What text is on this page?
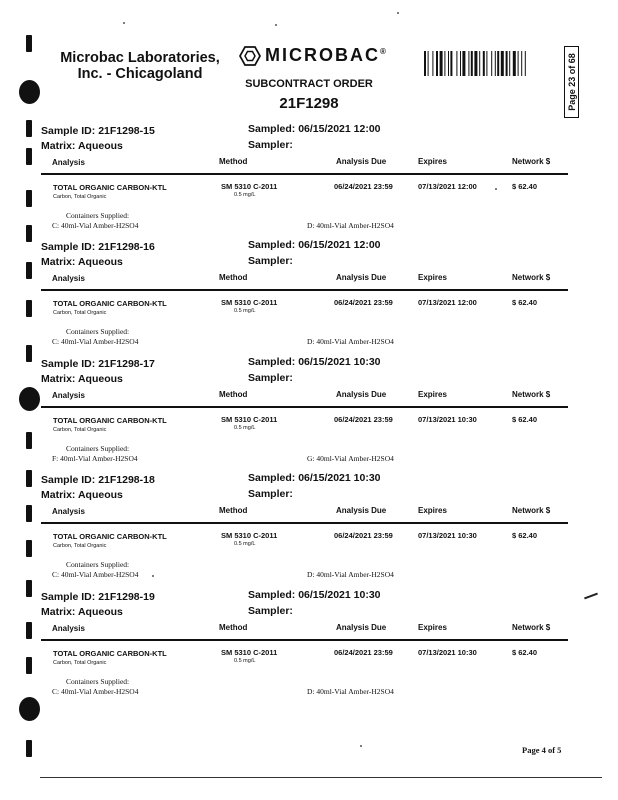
Microbac Laboratories,
Inc. - Chicagoland
MICROBAC®
SUBCONTRACT ORDER
21F1298	Page 23 of 68
Sample ID: 21F1298-15	Sampled: 06/15/2021 12:00
Matrix: Aqueous	Sampler:
Analysis	Method	Analysis Due	Expires	Network $
TOTAL ORGANIC CARBON-KTL
Carbon, Total Organic
SM 5310 C-2011
0.5 mg/L
06/24/2021 23:59	07/13/2021 12:00	$ 62.40
Containers Supplied:
C: 40ml-Vial Amber-H2SO4	D: 40ml-Vial Amber-H2SO4
Sample ID: 21F1298-16	Sampled: 06/15/2021 12:00
Matrix: Aqueous	Sampler:
Analysis	Method	Analysis Due	Expires	Network $
TOTAL ORGANIC CARBON-KTL
Carbon, Total Organic
SM 5310 C-2011
0.5 mg/L
06/24/2021 23:59	07/13/2021 12:00	$ 62.40
Containers Supplied:
C: 40ml-Vial Amber-H2SO4	D: 40ml-Vial Amber-H2SO4
Sample ID: 21F1298-17	Sampled: 06/15/2021 10:30
Matrix: Aqueous	Sampler:
Analysis	Method	Analysis Due	Expires	Network $
TOTAL ORGANIC CARBON-KTL
Carbon, Total Organic
SM 5310 C-2011
0.5 mg/L
06/24/2021 23:59	07/13/2021 10:30	$ 62.40
Containers Supplied:
F: 40ml-Vial Amber-H2SO4	G: 40ml-Vial Amber-H2SO4
Sample ID: 21F1298-18	Sampled: 06/15/2021 10:30
Matrix: Aqueous	Sampler:
Analysis	Method	Analysis Due	Expires	Network $
TOTAL ORGANIC CARBON-KTL
Carbon, Total Organic
SM 5310 C-2011
0.5 mg/L
06/24/2021 23:59	07/13/2021 10:30	$ 62.40
Containers Supplied:
C: 40ml-Vial Amber-H2SO4	D: 40ml-Vial Amber-H2SO4
Sample ID: 21F1298-19	Sampled: 06/15/2021 10:30
Matrix: Aqueous	Sampler:
Analysis	Method	Analysis Due	Expires	Network $
TOTAL ORGANIC CARBON-KTL
Carbon, Total Organic
SM 5310 C-2011
0.5 mg/L
06/24/2021 23:59	07/13/2021 10:30	$ 62.40
Containers Supplied:
C: 40ml-Vial Amber-H2SO4	D: 40ml-Vial Amber-H2SO4
Page 4 of 5
